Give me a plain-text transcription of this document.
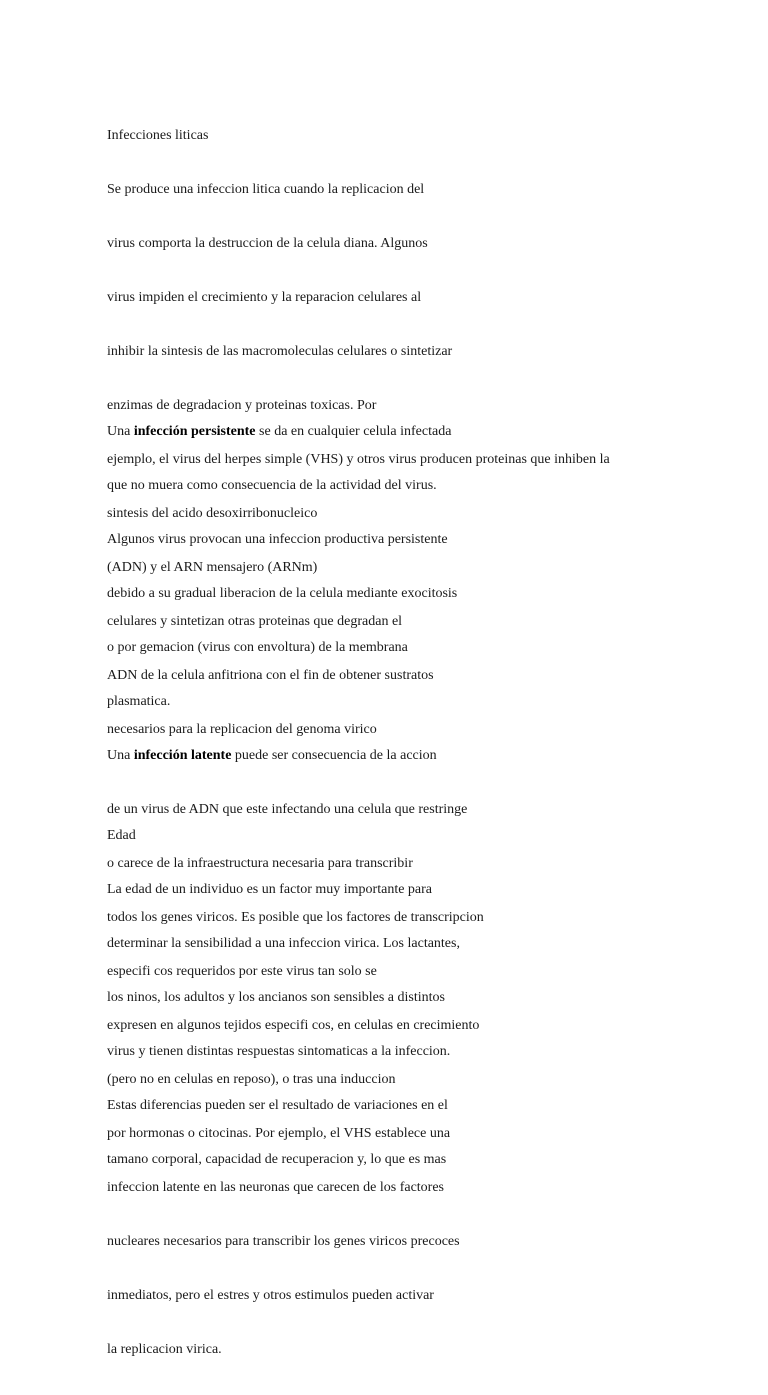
Infecciones liticas

Se produce una infeccion litica cuando la replicacion del

virus comporta la destruccion de la celula diana. Algunos

virus impiden el crecimiento y la reparacion celulares al

inhibir la sintesis de las macromoleculas celulares o sintetizar

enzimas de degradacion y proteinas toxicas. Por

ejemplo, el virus del herpes simple (VHS) y otros virus producen proteinas que inhiben la

sintesis del acido desoxirribonucleico

(ADN) y el ARN mensajero (ARNm)

celulares y sintetizan otras proteinas que degradan el

ADN de la celula anfitriona con el fin de obtener sustratos

necesarios para la replicacion del genoma virico

Una infección persistente se da en cualquier celula infectada

que no muera como consecuencia de la actividad del virus.

Algunos virus provocan una infeccion productiva persistente

debido a su gradual liberacion de la celula mediante exocitosis

o por gemacion (virus con envoltura) de la membrana

plasmatica.

Una infección latente puede ser consecuencia de la accion

de un virus de ADN que este infectando una celula que restringe

o carece de la infraestructura necesaria para transcribir

todos los genes viricos. Es posible que los factores de transcripcion

especifi cos requeridos por este virus tan solo se

expresen en algunos tejidos especifi cos, en celulas en crecimiento

(pero no en celulas en reposo), o tras una induccion

por hormonas o citocinas. Por ejemplo, el VHS establece una

infeccion latente en las neuronas que carecen de los factores

nucleares necesarios para transcribir los genes viricos precoces

inmediatos, pero el estres y otros estimulos pueden activar

la replicacion virica.

Edad

La edad de un individuo es un factor muy importante para

determinar la sensibilidad a una infeccion virica. Los lactantes,

los ninos, los adultos y los ancianos son sensibles a distintos

virus y tienen distintas respuestas sintomaticas a la infeccion.

Estas diferencias pueden ser el resultado de variaciones en el

tamano corporal, capacidad de recuperacion y, lo que es mas
